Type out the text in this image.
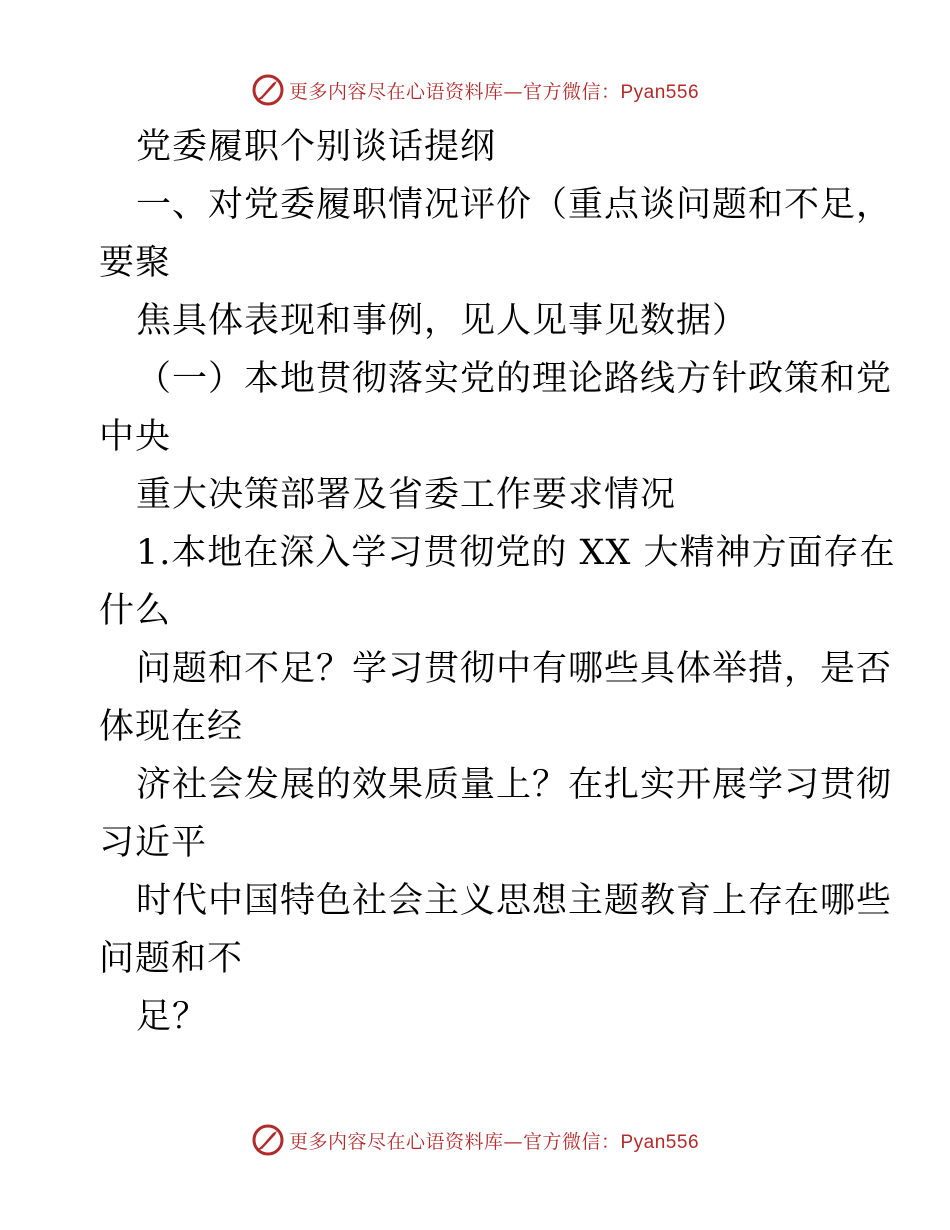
更多内容尽在心语资料库—官方微信：Pyan556
党委履职个别谈话提纲
一、对党委履职情况评价（重点谈问题和不足，
要聚
焦具体表现和事例，见人见事见数据）
（一）本地贯彻落实党的理论路线方针政策和党
中央
重大决策部署及省委工作要求情况
1.本地在深入学习贯彻党的 XX 大精神方面存在
什么
问题和不足？学习贯彻中有哪些具体举措，是否
体现在经
济社会发展的效果质量上？在扎实开展学习贯彻
习近平
时代中国特色社会主义思想主题教育上存在哪些
问题和不
足？
更多内容尽在心语资料库—官方微信：Pyan556
